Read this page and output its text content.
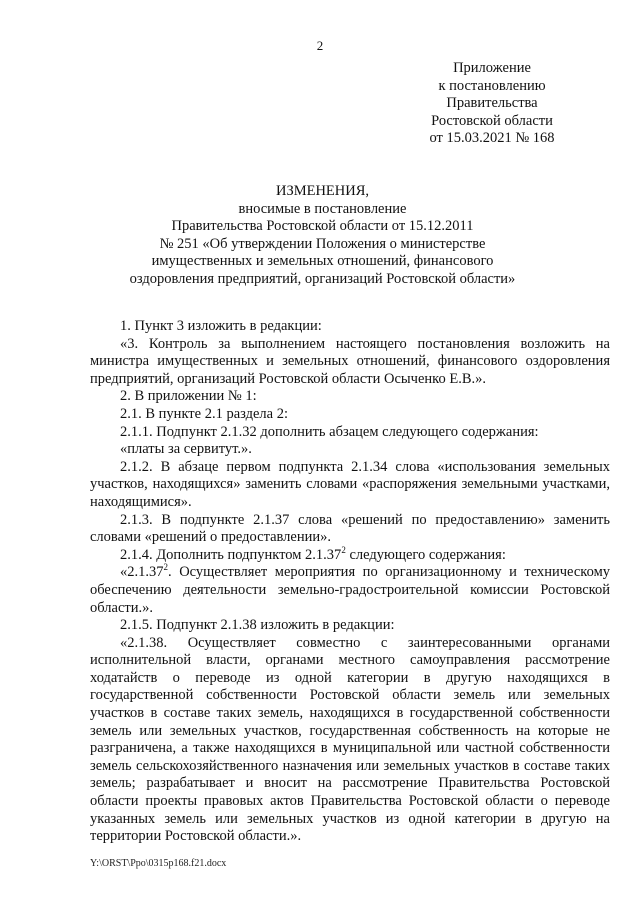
2
Приложение
к постановлению
Правительства
Ростовской области
от 15.03.2021 № 168
ИЗМЕНЕНИЯ,
вносимые в постановление
Правительства Ростовской области от 15.12.2011
№ 251 «Об утверждении Положения о министерстве
имущественных и земельных отношений, финансового
оздоровления предприятий, организаций Ростовской области»

1. Пункт 3 изложить в редакции:

«3. Контроль за выполнением настоящего постановления возложить на министра имущественных и земельных отношений, финансового оздоровления предприятий, организаций Ростовской области Осыченко Е.В.».

2. В приложении № 1:

2.1. В пункте 2.1 раздела 2:

2.1.1. Подпункт 2.1.32 дополнить абзацем следующего содержания:

«платы за сервитут.».

2.1.2. В абзаце первом подпункта 2.1.34 слова «использования земельных участков, находящихся» заменить словами «распоряжения земельными участками, находящимися».

2.1.3. В подпункте 2.1.37 слова «решений по предоставлению» заменить словами «решений о предоставлении».

2.1.4. Дополнить подпунктом 2.1.37$^2$ следующего содержания:

«2.1.37$^2$. Осуществляет мероприятия по организационному и техническому обеспечению деятельности земельно-градостроительной комиссии Ростовской области.».

2.1.5. Подпункт 2.1.38 изложить в редакции:

«2.1.38. Осуществляет совместно с заинтересованными органами исполнительной власти, органами местного самоуправления рассмотрение ходатайств о переводе из одной категории в другую находящихся в государственной собственности Ростовской области земель или земельных участков в составе таких земель, находящихся в государственной собственности земель или земельных участков, государственная собственность на которые не разграничена, а также находящихся в муниципальной или частной собственности земель сельскохозяйственного назначения или земельных участков в составе таких земель; разрабатывает и вносит на рассмотрение Правительства Ростовской области проекты правовых актов Правительства Ростовской области о переводе указанных земель или земельных участков из одной категории в другую на территории Ростовской области.».

Y:\ORST\Ppo\0315p168.f21.docx
